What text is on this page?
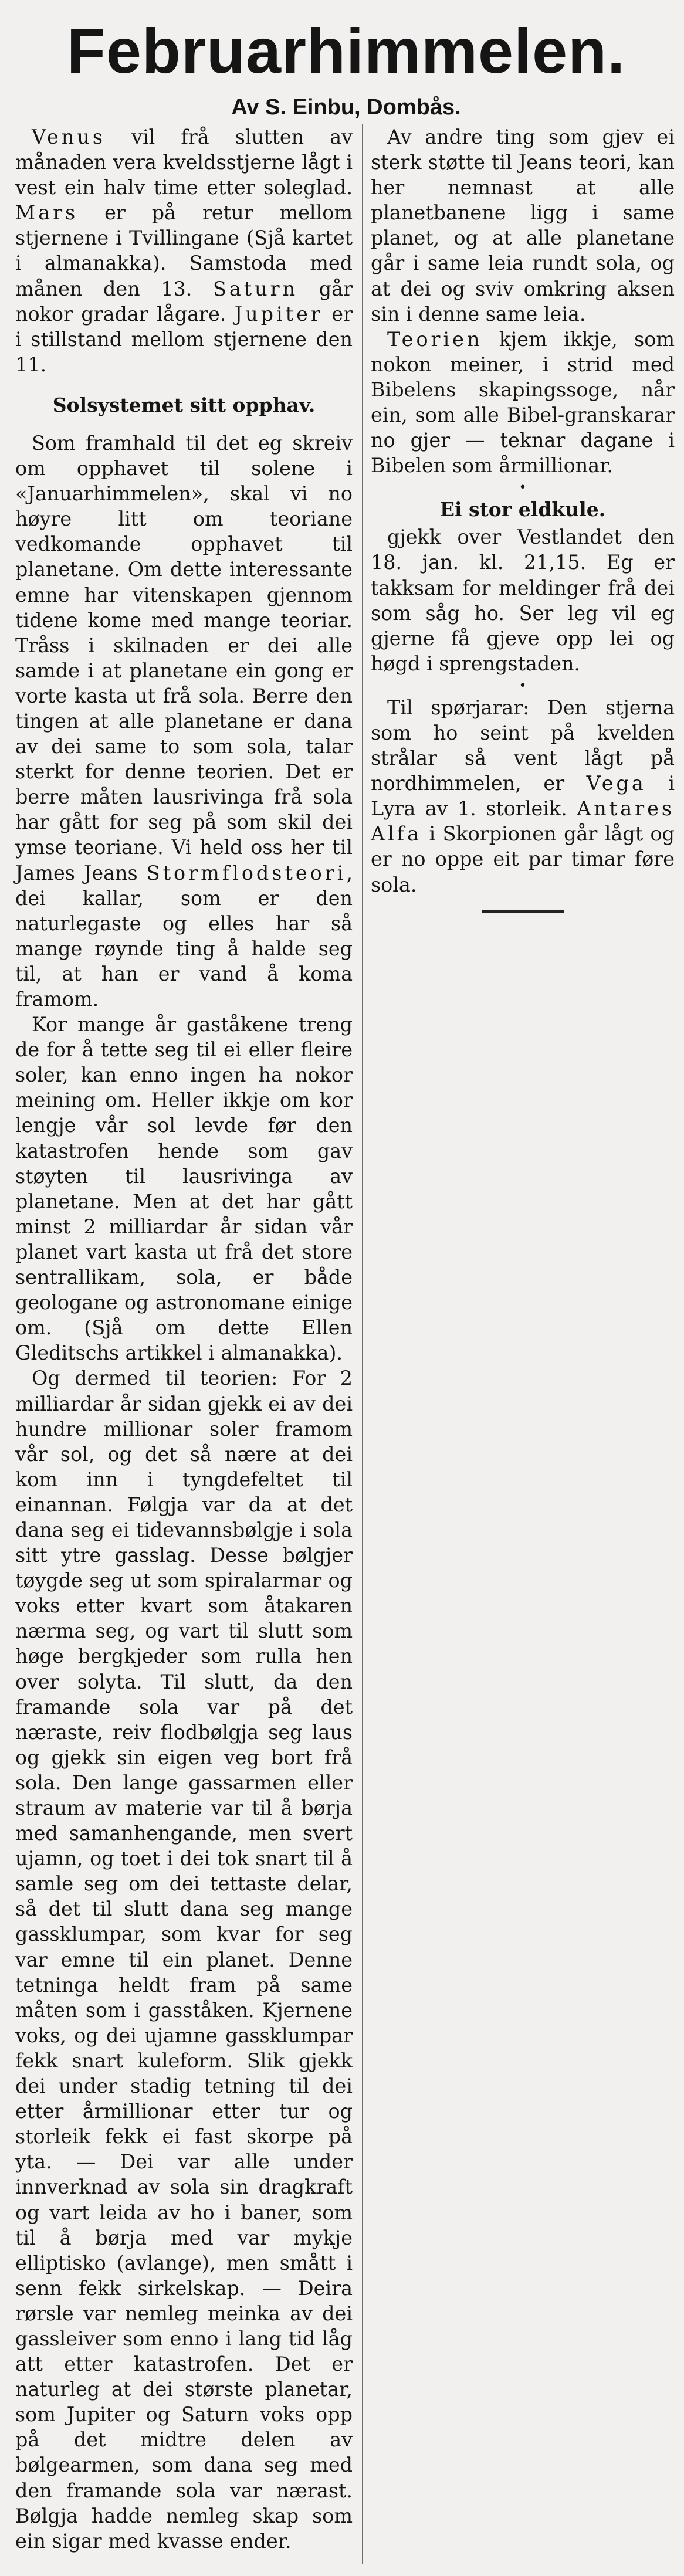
Februarhimmelen.
Av S. Einbu, Dombås.

Venus vil frå slutten av månaden vera kveldsstjerne lågt i vest ein halv time etter soleglad. Mars er på retur mellom stjernene i Tvillingane (Sjå kartet i almanakka). Samstoda med månen den 13. Saturn går nokor gradar lågare. Jupiter er i stillstand mellom stjernene den 11.

Solsystemet sitt opphav.

Som framhald til det eg skreiv om opphavet til solene i «Januarhimmelen», skal vi no høyre litt om teoriane vedkomande opphavet til planetane. Om dette interessante emne har vitenskapen gjennom tidene kome med mange teoriar. Tråss i skilnaden er dei alle samde i at planetane ein gong er vorte kasta ut frå sola. Berre den tingen at alle planetane er dana av dei same to som sola, talar sterkt for denne teorien. Det er berre måten lausrivinga frå sola har gått for seg på som skil dei ymse teoriane. Vi held oss her til James Jeans Stormflodsteori, dei kallar, som er den naturlegaste og elles har så mange røynde ting å halde seg til, at han er vand å koma framom.

Kor mange år gaståkene treng de for å tette seg til ei eller fleire soler, kan enno ingen ha nokor meining om. Heller ikkje om kor lengje vår sol levde før den katastrofen hende som gav støyten til lausrivinga av planetane. Men at det har gått minst 2 milliardar år sidan vår planet vart kasta ut frå det store sentrallikam, sola, er både geologane og astronomane einige om. (Sjå om dette Ellen Gleditschs artikkel i almanakka).

Og dermed til teorien: For 2 milliardar år sidan gjekk ei av dei hundre millionar soler framom vår sol, og det så nære at dei kom inn i tyngdefeltet til einannan. Følgja var da at det dana seg ei tidevannsbølgje i sola sitt ytre gasslag. Desse bølgjer tøygde seg ut som spiralarmar og voks etter kvart som åtakaren nærma seg, og vart til slutt som høge bergkjeder som rulla hen over solyta. Til slutt, da den framande sola var på det næraste, reiv flodbølgja seg laus og gjekk sin eigen veg bort frå sola. Den lange gassarmen eller straum av materie var til å børja med samanhengande, men svert ujamn, og toet i dei tok snart til å samle seg om dei tettaste delar, så det til slutt dana seg mange gassklumpar, som kvar for seg var emne til ein planet. Denne tetninga heldt fram på same måten som i gasståken. Kjernene voks, og dei ujamne gassklumpar fekk snart kuleform. Slik gjekk dei under stadig tetning til dei etter årmillionar etter tur og storleik fekk ei fast skorpe på yta. — Dei var alle under innverknad av sola sin dragkraft og vart leida av ho i baner, som til å børja med var mykje elliptisko (avlange), men smått i senn fekk sirkelskap. — Deira rørsle var nemleg meinka av dei gassleiver som enno i lang tid låg att etter katastrofen. Det er naturleg at dei største planetar, som Jupiter og Saturn voks opp på det midtre delen av bølgearmen, som dana seg med den framande sola var nærast. Bølgja hadde nemleg skap som ein sigar med kvasse ender.

Av andre ting som gjev ei sterk støtte til Jeans teori, kan her nemnast at alle planetbanene ligg i same planet, og at alle planetane går i same leia rundt sola, og at dei og sviv omkring aksen sin i denne same leia.

Teorien kjem ikkje, som nokon meiner, i strid med Bibelens skapingssoge, når ein, som alle Bibel-granskarar no gjer — teknar dagane i Bibelen som årmillionar.

•
Ei stor eldkule.

gjekk over Vestlandet den 18. jan. kl. 21,15. Eg er takksam for meldinger frå dei som såg ho. Ser leg vil eg gjerne få gjeve opp lei og høgd i sprengstaden.

•

Til spørjarar: Den stjerna som ho seint på kvelden strålar så vent lågt på nordhimmelen, er Vega i Lyra av 1. storleik. Antares Alfa i Skorpionen går lågt og er no oppe eit par timar føre sola.
